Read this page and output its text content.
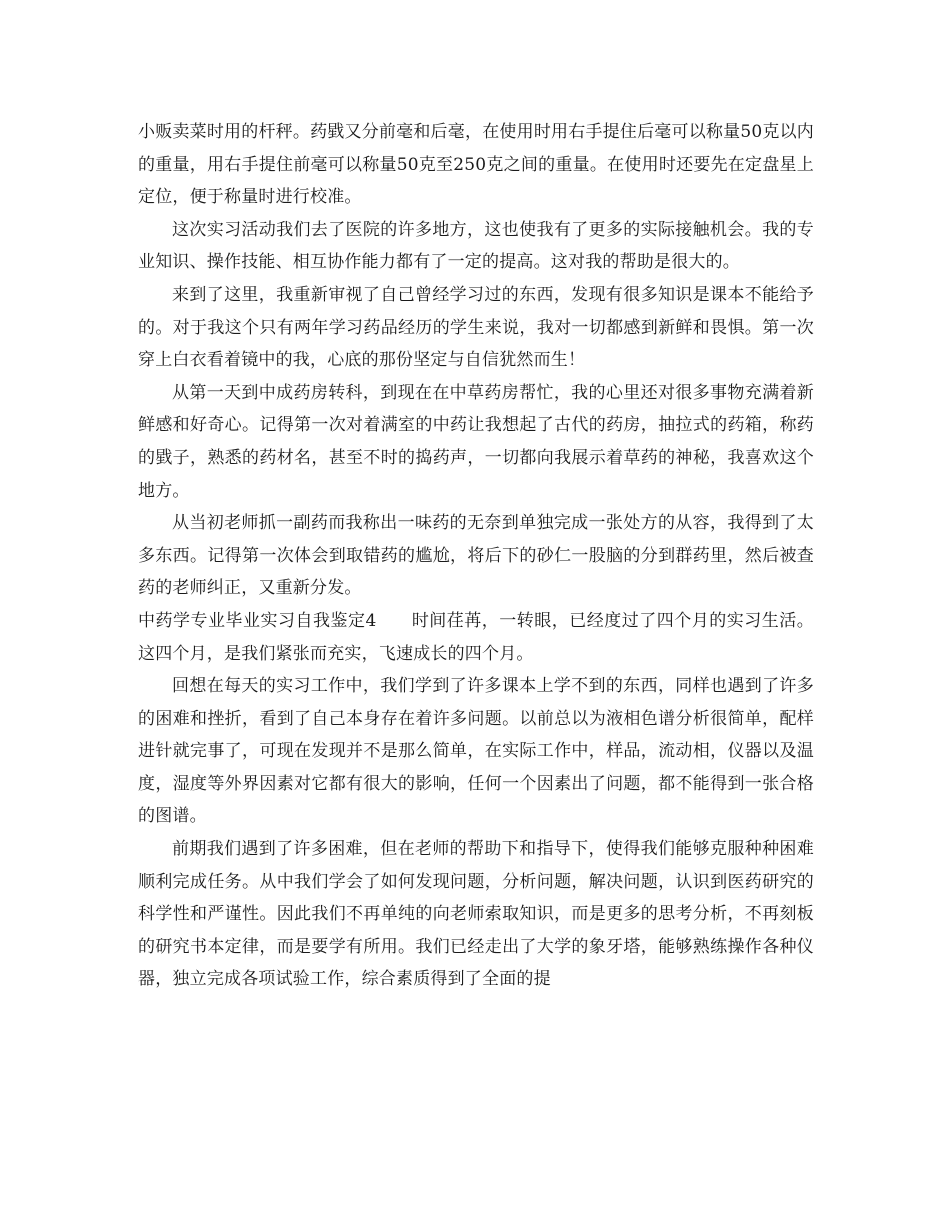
小贩卖菜时用的杆秤。药戥又分前毫和后毫，在使用时用右手提住后毫可以称量50克以内的重量，用右手提住前毫可以称量50克至250克之间的重量。在使用时还要先在定盘星上定位，便于称量时进行校准。

这次实习活动我们去了医院的许多地方，这也使我有了更多的实际接触机会。我的专业知识、操作技能、相互协作能力都有了一定的提高。这对我的帮助是很大的。

来到了这里，我重新审视了自己曾经学习过的东西，发现有很多知识是课本不能给予的。对于我这个只有两年学习药品经历的学生来说，我对一切都感到新鲜和畏惧。第一次穿上白衣看着镜中的我，心底的那份坚定与自信犹然而生！

从第一天到中成药房转科，到现在在中草药房帮忙，我的心里还对很多事物充满着新鲜感和好奇心。记得第一次对着满室的中药让我想起了古代的药房，抽拉式的药箱，称药的戥子，熟悉的药材名，甚至不时的捣药声，一切都向我展示着草药的神秘，我喜欢这个地方。

从当初老师抓一副药而我称出一味药的无奈到单独完成一张处方的从容，我得到了太多东西。记得第一次体会到取错药的尴尬，将后下的砂仁一股脑的分到群药里，然后被查药的老师纠正，又重新分发。

中药学专业毕业实习自我鉴定4　　 时间荏苒，一转眼，已经度过了四个月的实习生活。这四个月，是我们紧张而充实，飞速成长的四个月。

回想在每天的实习工作中，我们学到了许多课本上学不到的东西，同样也遇到了许多的困难和挫折，看到了自己本身存在着许多问题。以前总以为液相色谱分析很简单，配样进针就完事了，可现在发现并不是那么简单，在实际工作中，样品，流动相，仪器以及温度，湿度等外界因素对它都有很大的影响，任何一个因素出了问题，都不能得到一张合格的图谱。

前期我们遇到了许多困难，但在老师的帮助下和指导下，使得我们能够克服种种困难顺利完成任务。从中我们学会了如何发现问题，分析问题，解决问题，认识到医药研究的科学性和严谨性。因此我们不再单纯的向老师索取知识，而是更多的思考分析，不再刻板的研究书本定律，而是要学有所用。我们已经走出了大学的象牙塔，能够熟练操作各种仪器，独立完成各项试验工作，综合素质得到了全面的提
